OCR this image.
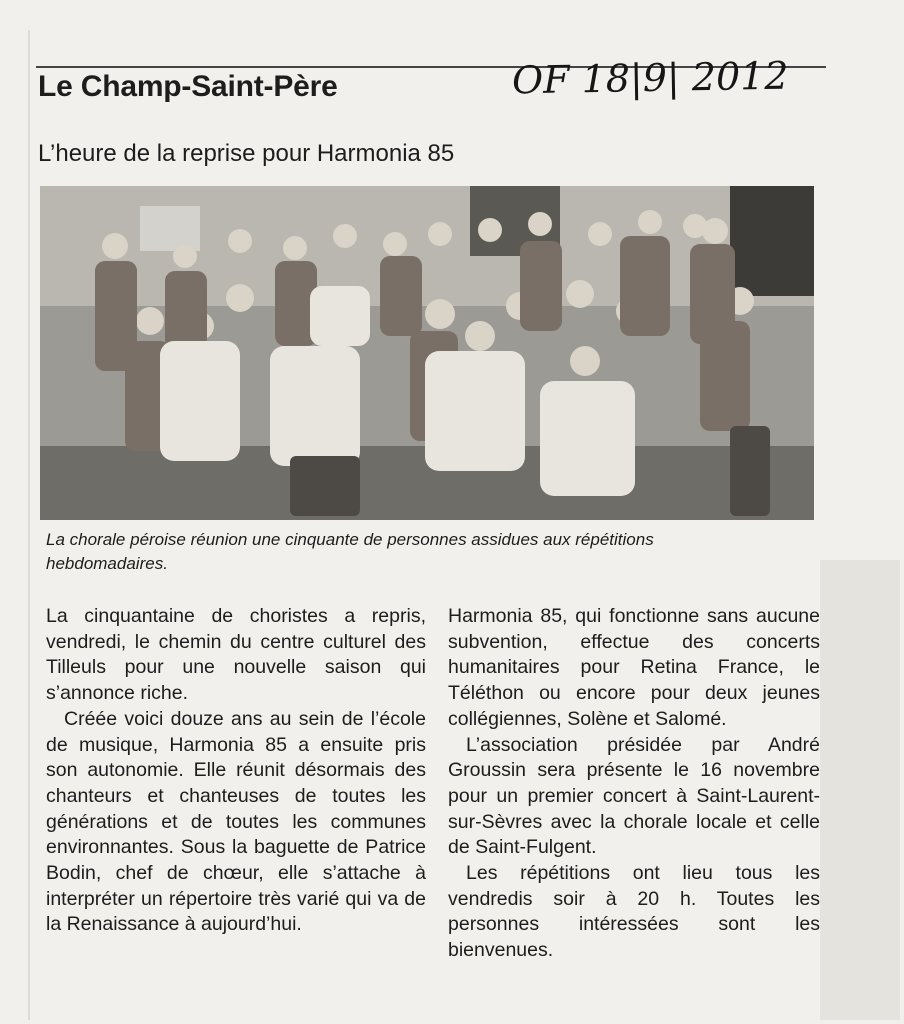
Le Champ-Saint-Père	OF 18|9| 2012

L’heure de la reprise pour Harmonia 85

La chorale péroise réunion une cinquante de personnes assidues aux répétitions hebdomadaires.

La cinquantaine de choristes a repris, vendredi, le chemin du centre culturel des Tilleuls pour une nouvelle saison qui s’annonce riche.

Créée voici douze ans au sein de l’école de musique, Harmonia 85 a ensuite pris son autonomie. Elle réunit désormais des chanteurs et chanteuses de toutes les générations et de toutes les communes environnantes. Sous la baguette de Patrice Bodin, chef de chœur, elle s’attache à interpréter un répertoire très varié qui va de la Renaissance à aujourd’hui.

Harmonia 85, qui fonctionne sans aucune subvention, effectue des concerts humanitaires pour Retina France, le Téléthon ou encore pour deux jeunes collégiennes, Solène et Salomé.

L’association présidée par André Groussin sera présente le 16 novembre pour un premier concert à Saint-Laurent-sur-Sèvres avec la chorale locale et celle de Saint-Fulgent.

Les répétitions ont lieu tous les vendredis soir à 20 h. Toutes les personnes intéressées sont les bienvenues.
